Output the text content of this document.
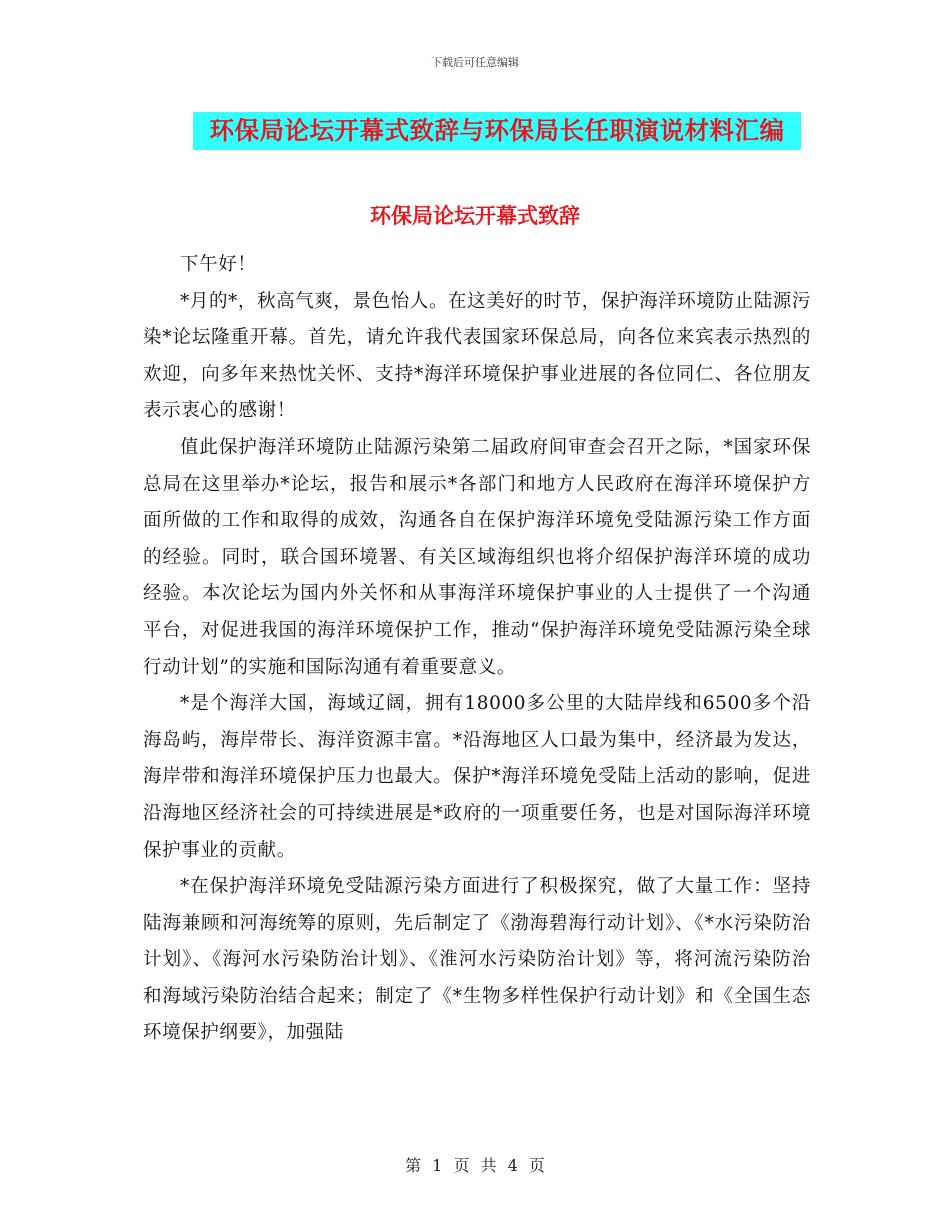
下载后可任意编辑
环保局论坛开幕式致辞与环保局长任职演说材料汇编
环保局论坛开幕式致辞

下午好！

*月的*，秋高气爽，景色怡人。在这美好的时节，保护海洋环境防止陆源污染*论坛隆重开幕。首先，请允许我代表国家环保总局，向各位来宾表示热烈的欢迎，向多年来热忱关怀、支持*海洋环境保护事业进展的各位同仁、各位朋友表示衷心的感谢！

值此保护海洋环境防止陆源污染第二届政府间审查会召开之际，*国家环保总局在这里举办*论坛，报告和展示*各部门和地方人民政府在海洋环境保护方面所做的工作和取得的成效，沟通各自在保护海洋环境免受陆源污染工作方面的经验。同时，联合国环境署、有关区域海组织也将介绍保护海洋环境的成功经验。本次论坛为国内外关怀和从事海洋环境保护事业的人士提供了一个沟通平台，对促进我国的海洋环境保护工作，推动“保护海洋环境免受陆源污染全球行动计划”的实施和国际沟通有着重要意义。

*是个海洋大国，海域辽阔，拥有18000多公里的大陆岸线和6500多个沿海岛屿，海岸带长、海洋资源丰富。*沿海地区人口最为集中，经济最为发达，海岸带和海洋环境保护压力也最大。保护*海洋环境免受陆上活动的影响，促进沿海地区经济社会的可持续进展是*政府的一项重要任务，也是对国际海洋环境保护事业的贡献。

*在保护海洋环境免受陆源污染方面进行了积极探究，做了大量工作：坚持陆海兼顾和河海统筹的原则，先后制定了《渤海碧海行动计划》、《*水污染防治计划》、《海河水污染防治计划》、《淮河水污染防治计划》等，将河流污染防治和海域污染防治结合起来；制定了《*生物多样性保护行动计划》和《全国生态环境保护纲要》，加强陆

第 1 页 共 4 页
